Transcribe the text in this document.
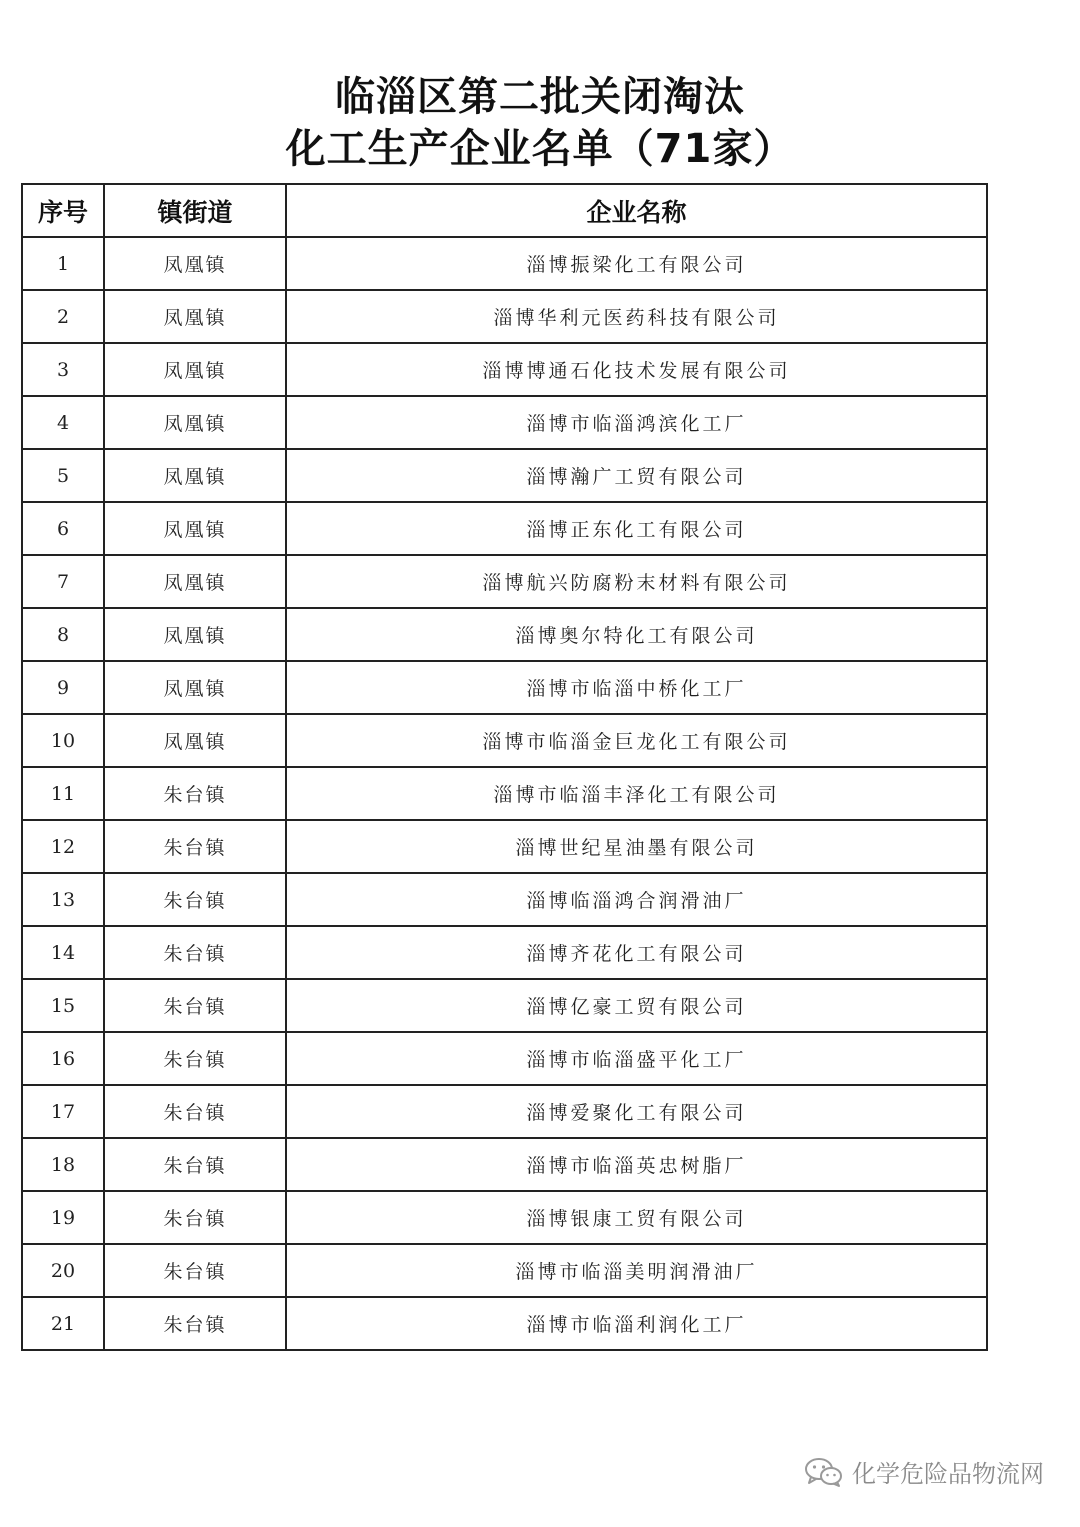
临淄区第二批关闭淘汰
化工生产企业名单（71家）
序号	镇街道	企业名称
1	凤凰镇	淄博振梁化工有限公司
2	凤凰镇	淄博华利元医药科技有限公司
3	凤凰镇	淄博博通石化技术发展有限公司
4	凤凰镇	淄博市临淄鸿滨化工厂
5	凤凰镇	淄博瀚广工贸有限公司
6	凤凰镇	淄博正东化工有限公司
7	凤凰镇	淄博航兴防腐粉末材料有限公司
8	凤凰镇	淄博奥尔特化工有限公司
9	凤凰镇	淄博市临淄中桥化工厂
10	凤凰镇	淄博市临淄金巨龙化工有限公司
11	朱台镇	淄博市临淄丰泽化工有限公司
12	朱台镇	淄博世纪星油墨有限公司
13	朱台镇	淄博临淄鸿合润滑油厂
14	朱台镇	淄博齐花化工有限公司
15	朱台镇	淄博亿豪工贸有限公司
16	朱台镇	淄博市临淄盛平化工厂
17	朱台镇	淄博爱聚化工有限公司
18	朱台镇	淄博市临淄英忠树脂厂
19	朱台镇	淄博银康工贸有限公司
20	朱台镇	淄博市临淄美明润滑油厂
21	朱台镇	淄博市临淄利润化工厂
化学危险品物流网
